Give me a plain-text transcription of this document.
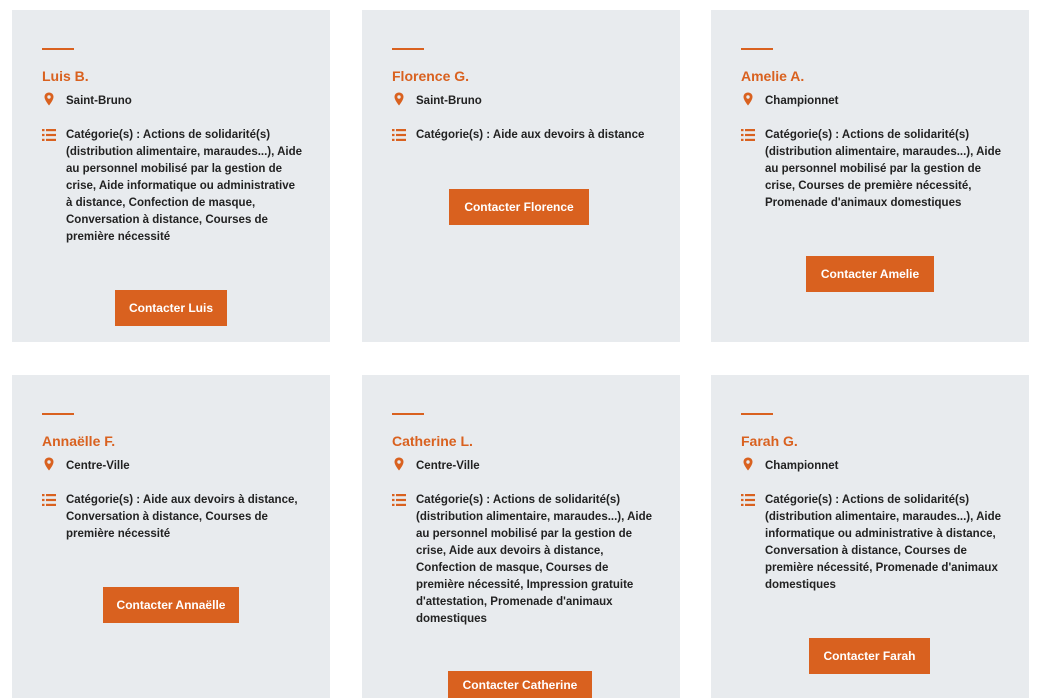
Luis B.
Saint-Bruno
Catégorie(s) : Actions de solidarité(s) (distribution alimentaire, maraudes...), Aide au personnel mobilisé par la gestion de crise, Aide informatique ou administrative à distance, Confection de masque, Conversation à distance, Courses de première nécessité
Contacter Luis
Florence G.
Saint-Bruno
Catégorie(s) : Aide aux devoirs à distance
Contacter Florence
Amelie A.
Championnet
Catégorie(s) : Actions de solidarité(s) (distribution alimentaire, maraudes...), Aide au personnel mobilisé par la gestion de crise, Courses de première nécessité, Promenade d'animaux domestiques
Contacter Amelie
Annaëlle F.
Centre-Ville
Catégorie(s) : Aide aux devoirs à distance, Conversation à distance, Courses de première nécessité
Contacter Annaëlle
Catherine L.
Centre-Ville
Catégorie(s) : Actions de solidarité(s) (distribution alimentaire, maraudes...), Aide au personnel mobilisé par la gestion de crise, Aide aux devoirs à distance, Confection de masque, Courses de première nécessité, Impression gratuite d'attestation, Promenade d'animaux domestiques
Contacter Catherine
Farah G.
Championnet
Catégorie(s) : Actions de solidarité(s) (distribution alimentaire, maraudes...), Aide informatique ou administrative à distance, Conversation à distance, Courses de première nécessité, Promenade d'animaux domestiques
Contacter Farah
